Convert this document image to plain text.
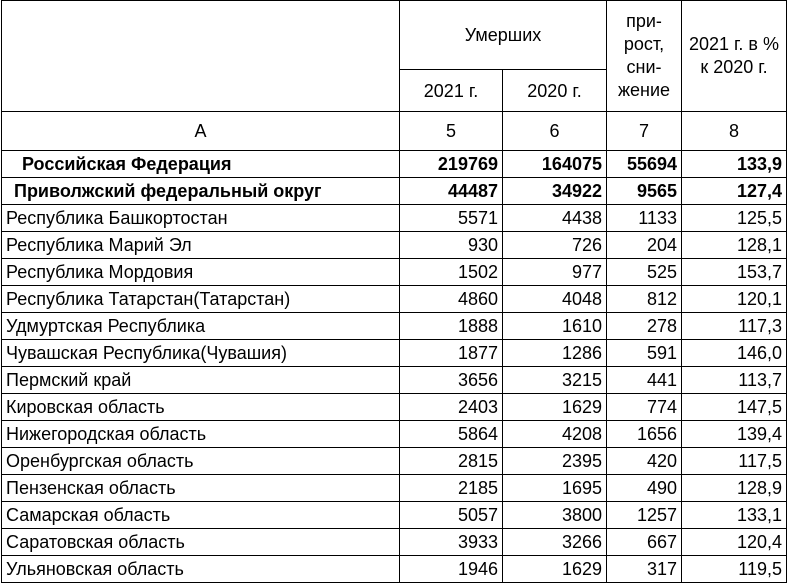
	Умерших		при-рост, сни-жение	2021 г. в % к 2020 г.
	2021 г.	2020 г.		
А	5	6	7	8
Российская Федерация	219769	164075	55694	133,9
Приволжский федеральный округ	44487	34922	9565	127,4
Республика Башкортостан	5571	4438	1133	125,5
Республика Марий Эл	930	726	204	128,1
Республика Мордовия	1502	977	525	153,7
Республика Татарстан(Татарстан)	4860	4048	812	120,1
Удмуртская Республика	1888	1610	278	117,3
Чувашская Республика(Чувашия)	1877	1286	591	146,0
Пермский край	3656	3215	441	113,7
Кировская область	2403	1629	774	147,5
Нижегородская область	5864	4208	1656	139,4
Оренбургская область	2815	2395	420	117,5
Пензенская область	2185	1695	490	128,9
Самарская область	5057	3800	1257	133,1
Саратовская область	3933	3266	667	120,4
Ульяновская область	1946	1629	317	119,5
